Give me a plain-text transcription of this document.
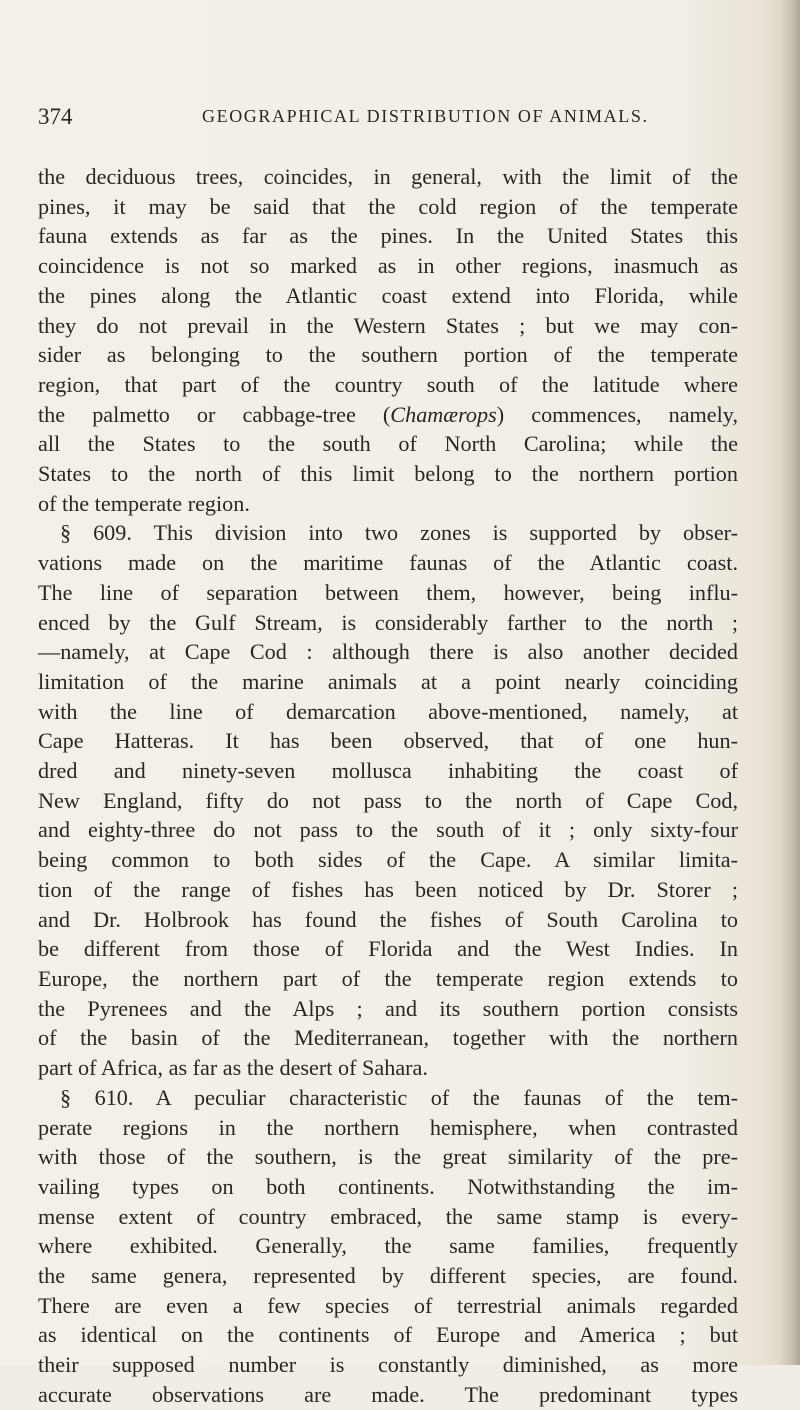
374	GEOGRAPHICAL DISTRIBUTION OF ANIMALS.
the deciduous trees, coincides, in general, with the limit of the
pines, it may be said that the cold region of the temperate
fauna extends as far as the pines. In the United States this
coincidence is not so marked as in other regions, inasmuch as
the pines along the Atlantic coast extend into Florida, while
they do not prevail in the Western States ; but we may con-
sider as belonging to the southern portion of the temperate
region, that part of the country south of the latitude where
the palmetto or cabbage-tree (Chamærops) commences, namely,
all the States to the south of North Carolina; while the
States to the north of this limit belong to the northern portion
of the temperate region.
§ 609. This division into two zones is supported by obser-
vations made on the maritime faunas of the Atlantic coast.
The line of separation between them, however, being influ-
enced by the Gulf Stream, is considerably farther to the north ;
—namely, at Cape Cod : although there is also another decided
limitation of the marine animals at a point nearly coinciding
with the line of demarcation above-mentioned, namely, at
Cape Hatteras. It has been observed, that of one hun-
dred and ninety-seven mollusca inhabiting the coast of
New England, fifty do not pass to the north of Cape Cod,
and eighty-three do not pass to the south of it ; only sixty-four
being common to both sides of the Cape. A similar limita-
tion of the range of fishes has been noticed by Dr. Storer ;
and Dr. Holbrook has found the fishes of South Carolina to
be different from those of Florida and the West Indies. In
Europe, the northern part of the temperate region extends to
the Pyrenees and the Alps ; and its southern portion consists
of the basin of the Mediterranean, together with the northern
part of Africa, as far as the desert of Sahara.
§ 610. A peculiar characteristic of the faunas of the tem-
perate regions in the northern hemisphere, when contrasted
with those of the southern, is the great similarity of the pre-
vailing types on both continents. Notwithstanding the im-
mense extent of country embraced, the same stamp is every-
where exhibited. Generally, the same families, frequently
the same genera, represented by different species, are found.
There are even a few species of terrestrial animals regarded
as identical on the continents of Europe and America ; but
their supposed number is constantly diminished, as more
accurate observations are made. The predominant types
